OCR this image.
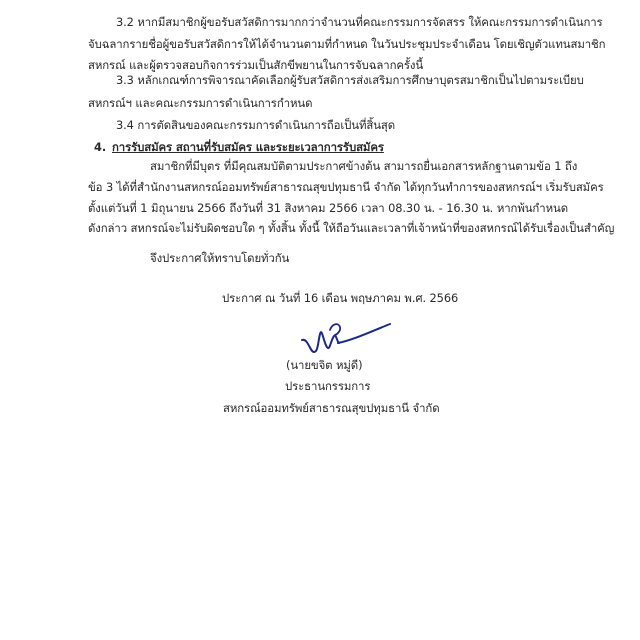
3.2 หากมีสมาชิกผู้ขอรับสวัสดิการมากกว่าจำนวนที่คณะกรรมการจัดสรร ให้คณะกรรมการดำเนินการ
จับฉลากรายชื่อผู้ขอรับสวัสดิการให้ได้จำนวนตามที่กำหนด ในวันประชุมประจำเดือน โดยเชิญตัวแทนสมาชิก
สหกรณ์ และผู้ตรวจสอบกิจการร่วมเป็นสักขีพยานในการจับฉลากครั้งนี้
3.3 หลักเกณฑ์การพิจารณาคัดเลือกผู้รับสวัสดิการส่งเสริมการศึกษาบุตรสมาชิกเป็นไปตามระเบียบ
สหกรณ์ฯ และคณะกรรมการดำเนินการกำหนด
3.4 การตัดสินของคณะกรรมการดำเนินการถือเป็นที่สิ้นสุด
4. การรับสมัคร สถานที่รับสมัคร และระยะเวลาการรับสมัคร
สมาชิกที่มีบุตร ที่มีคุณสมบัติตามประกาศข้างต้น สามารถยื่นเอกสารหลักฐานตามข้อ 1 ถึง
ข้อ 3 ได้ที่สำนักงานสหกรณ์ออมทรัพย์สาธารณสุขปทุมธานี จำกัด ได้ทุกวันทำการของสหกรณ์ฯ เริ่มรับสมัคร
ตั้งแต่วันที่ 1 มิถุนายน 2566 ถึงวันที่ 31 สิงหาคม 2566 เวลา 08.30 น. - 16.30 น. หากพ้นกำหนด
ดังกล่าว สหกรณ์จะไม่รับผิดชอบใด ๆ ทั้งสิ้น ทั้งนี้ ให้ถือวันและเวลาที่เจ้าหน้าที่ของสหกรณ์ได้รับเรื่องเป็นสำคัญ
จึงประกาศให้ทราบโดยทั่วกัน
ประกาศ ณ วันที่ 16 เดือน พฤษภาคม พ.ศ. 2566
(นายขจิต หมู่ดี)
ประธานกรรมการ
สหกรณ์ออมทรัพย์สาธารณสุขปทุมธานี จำกัด
